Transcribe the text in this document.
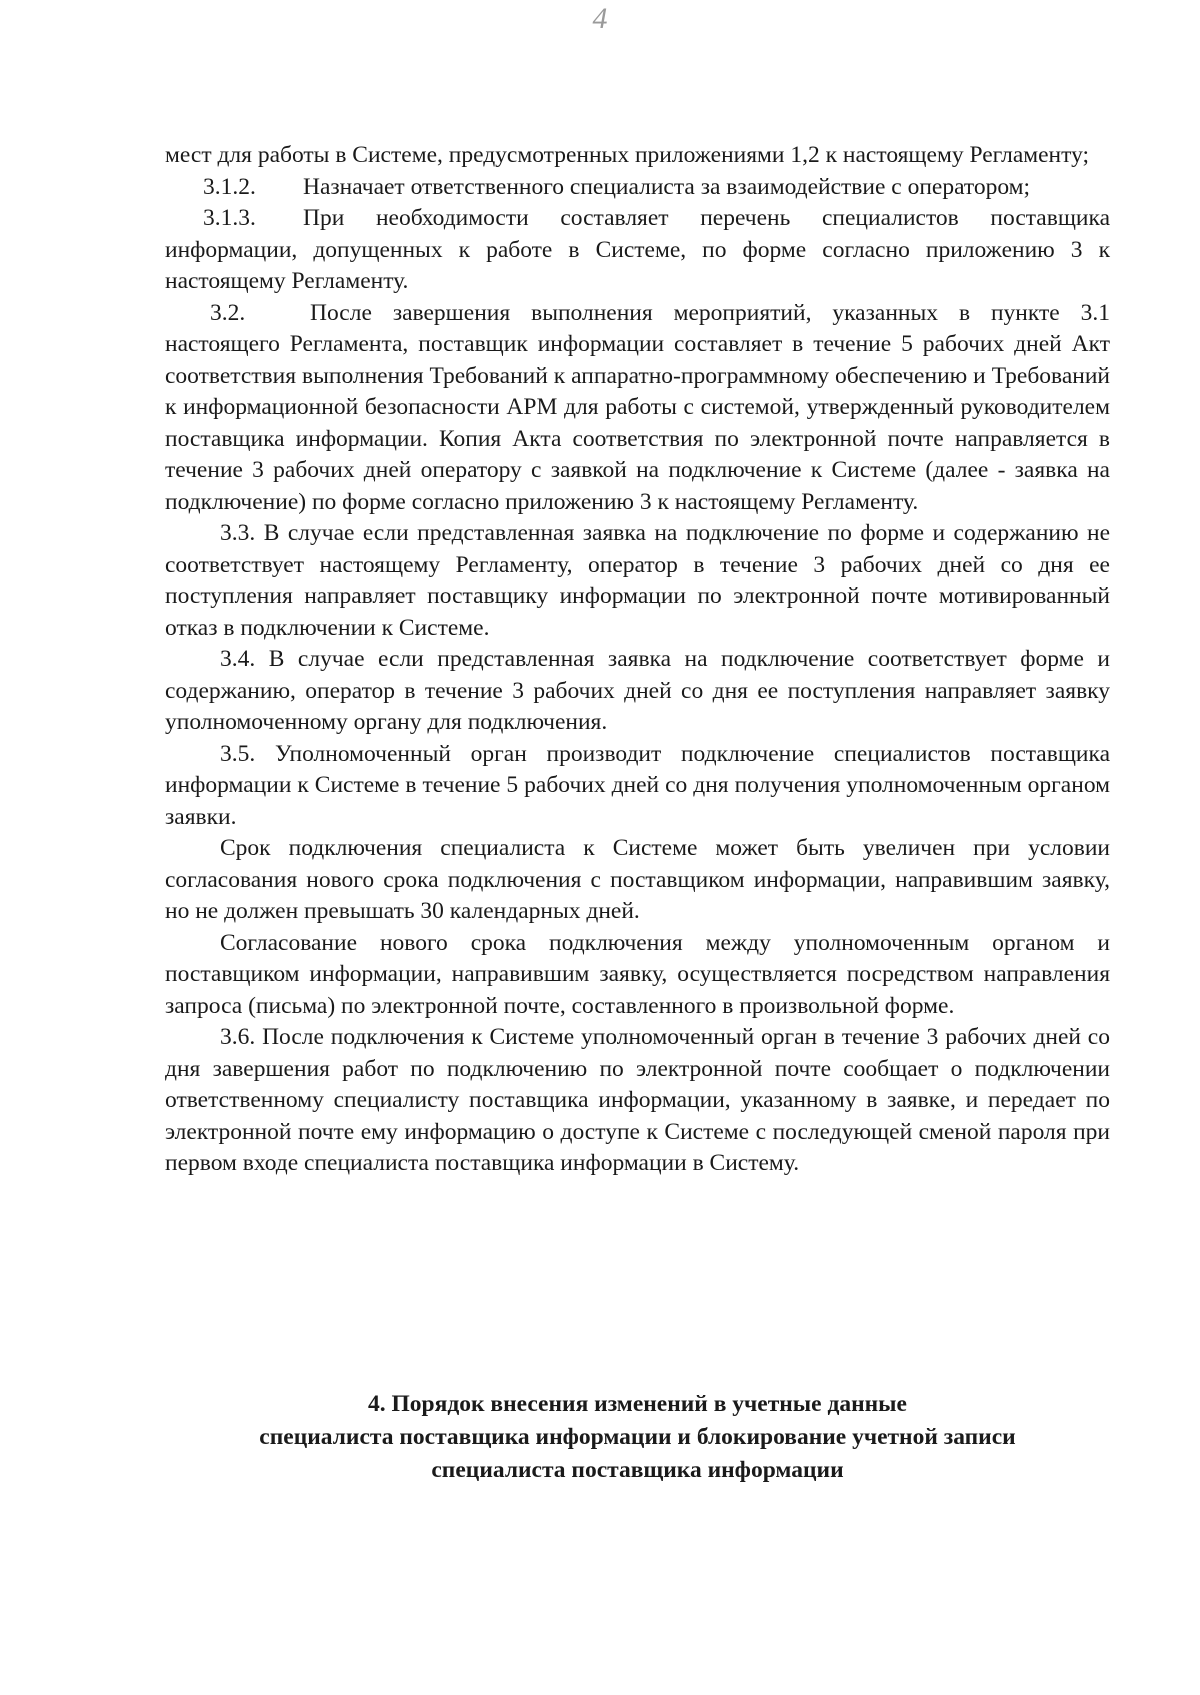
4

мест для работы в Системе, предусмотренных приложениями 1,2 к настоящему Регламенту;

3.1.2. Назначает ответственного специалиста за взаимодействие с оператором;

3.1.3. При необходимости составляет перечень специалистов поставщика информации, допущенных к работе в Системе, по форме согласно приложению 3 к настоящему Регламенту.

3.2.	После завершения выполнения мероприятий, указанных в пункте 3.1 настоящего Регламента, поставщик информации составляет в течение 5 рабочих дней Акт соответствия выполнения Требований к аппаратно-программному обеспечению и Требований к информационной безопасности АРМ для работы с системой, утвержденный руководителем поставщика информации. Копия Акта соответствия по электронной почте направляется в течение 3 рабочих дней оператору с заявкой на подключение к Системе (далее - заявка на подключение) по форме согласно приложению 3 к настоящему Регламенту.

3.3. В случае если представленная заявка на подключение по форме и содержанию не соответствует настоящему Регламенту, оператор в течение 3 рабочих дней со дня ее поступления направляет поставщику информации по электронной почте мотивированный отказ в подключении к Системе.

3.4. В случае если представленная заявка на подключение соответствует форме и содержанию, оператор в течение 3 рабочих дней со дня ее поступления направляет заявку уполномоченному органу для подключения.

3.5. Уполномоченный орган производит подключение специалистов поставщика информации к Системе в течение 5 рабочих дней со дня получения уполномоченным органом заявки.

Срок подключения специалиста к Системе может быть увеличен при условии согласования нового срока подключения с поставщиком информации, направившим заявку, но не должен превышать 30 календарных дней.

Согласование нового срока подключения между уполномоченным органом и поставщиком информации, направившим заявку, осуществляется посредством направления запроса (письма) по электронной почте, составленного в произвольной форме.

3.6. После подключения к Системе уполномоченный орган в течение 3 рабочих дней со дня завершения работ по подключению по электронной почте сообщает о подключении ответственному специалисту поставщика информации, указанному в заявке, и передает по электронной почте ему информацию о доступе к Системе с последующей сменой пароля при первом входе специалиста поставщика информации в Систему.

4. Порядок внесения изменений в учетные данные
специалиста поставщика информации и блокирование учетной записи
специалиста поставщика информации
